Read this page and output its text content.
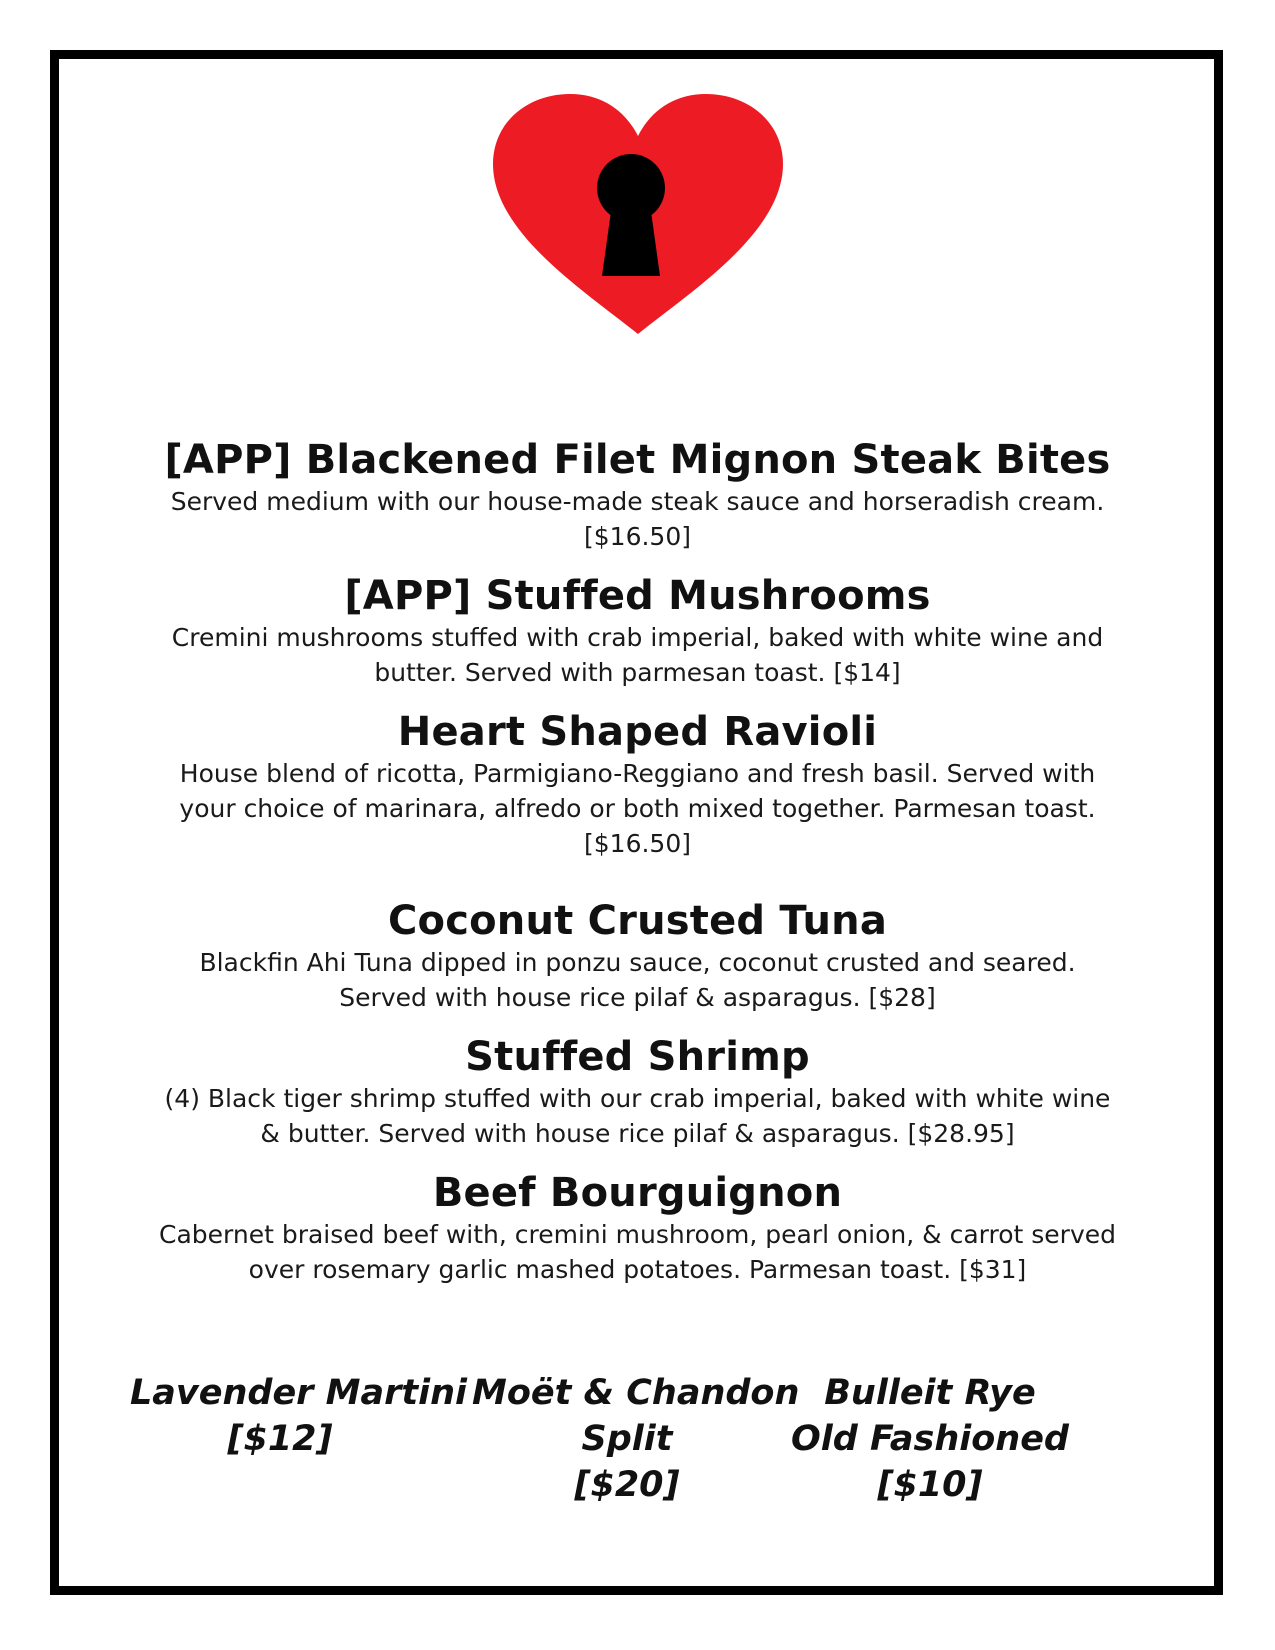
[APP] Blackened Filet Mignon Steak Bites
Served medium with our house-made steak sauce and horseradish cream. [$16.50]
[APP] Stuffed Mushrooms
Cremini mushrooms stuffed with crab imperial, baked with white wine and butter. Served with parmesan toast. [$14]
Heart Shaped Ravioli
House blend of ricotta, Parmigiano-Reggiano and fresh basil. Served with your choice of marinara, alfredo or both mixed together. Parmesan toast. [$16.50]
Coconut Crusted Tuna
Blackfin Ahi Tuna dipped in ponzu sauce, coconut crusted and seared. Served with house rice pilaf & asparagus. [$28]
Stuffed Shrimp
(4) Black tiger shrimp stuffed with our crab imperial, baked with white wine & butter. Served with house rice pilaf & asparagus. [$28.95]
Beef Bourguignon
Cabernet braised beef with, cremini mushroom, pearl onion, & carrot served over rosemary garlic mashed potatoes. Parmesan toast. [$31]
Lavender Martini
[$12]
Moët & Chandon
Split
[$20]
Bulleit Rye
Old Fashioned
[$10]
